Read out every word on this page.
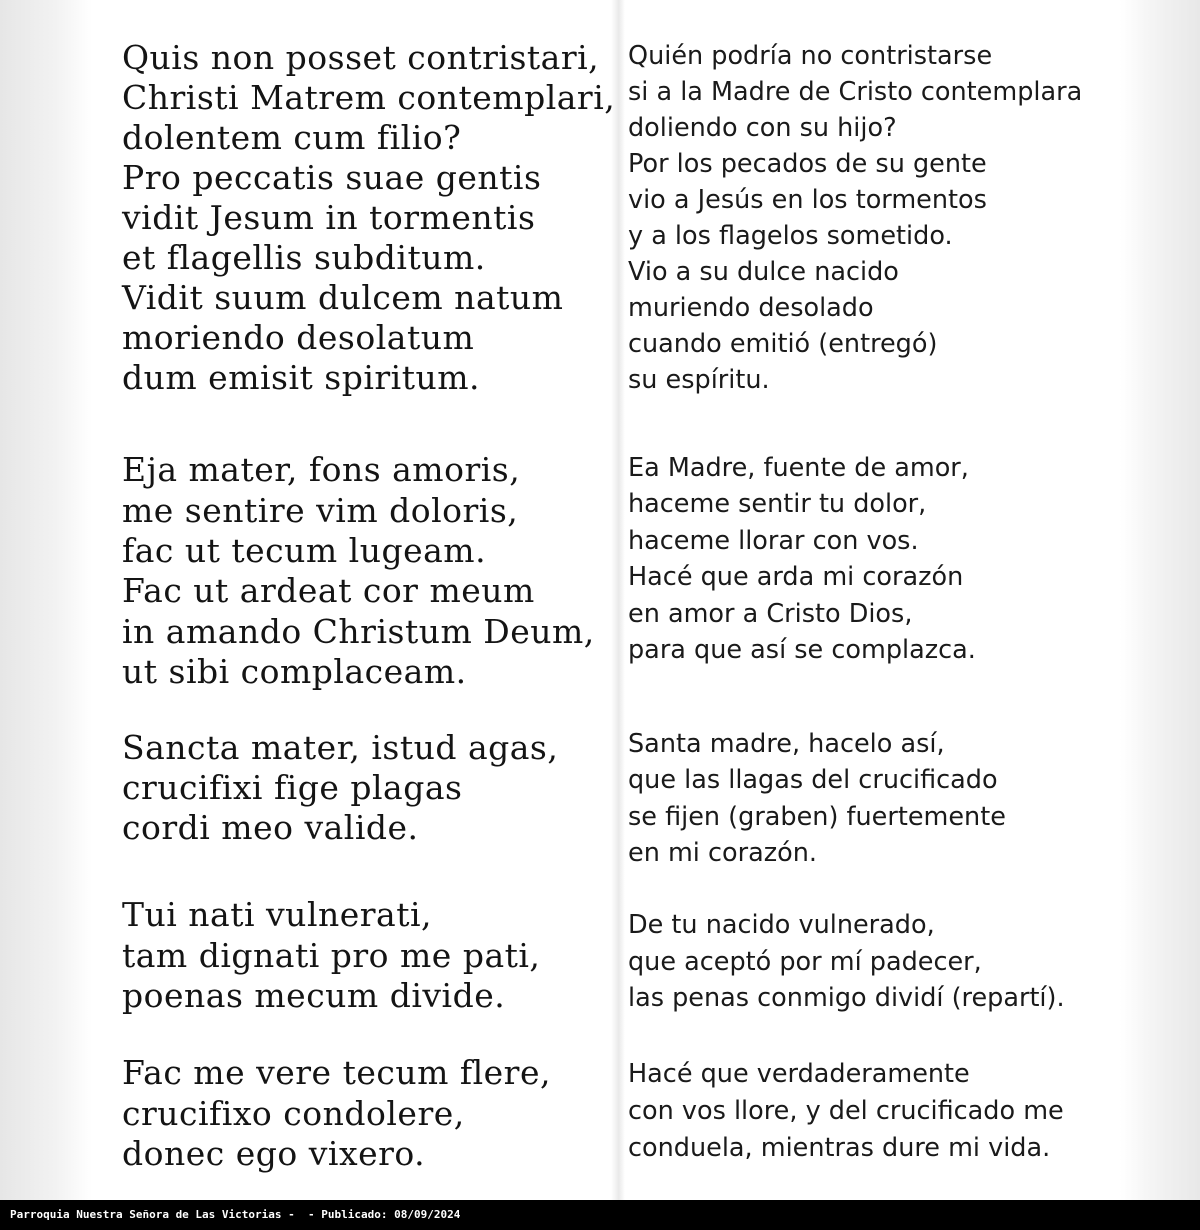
Quis non posset contristari,
Christi Matrem contemplari,
dolentem cum filio?
Pro peccatis suae gentis
vidit Jesum in tormentis
et flagellis subditum.
Vidit suum dulcem natum
moriendo desolatum
dum emisit spiritum.
Eja mater, fons amoris,
me sentire vim doloris,
fac ut tecum lugeam.
Fac ut ardeat cor meum
in amando Christum Deum,
ut sibi complaceam.
Sancta mater, istud agas,
crucifixi fige plagas
cordi meo valide.
Tui nati vulnerati,
tam dignati pro me pati,
poenas mecum divide.
Fac me vere tecum flere,
crucifixo condolere,
donec ego vixero.
Quién podría no contristarse
si a la Madre de Cristo contemplara
doliendo con su hijo?
Por los pecados de su gente
vio a Jesús en los tormentos
y a los flagelos sometido.
Vio a su dulce nacido
muriendo desolado
cuando emitió (entregó)
su espíritu.
Ea Madre, fuente de amor,
haceme sentir tu dolor,
haceme llorar con vos.
Hacé que arda mi corazón
en amor a Cristo Dios,
para que así se complazca.
Santa madre, hacelo así,
que las llagas del crucificado
se fijen (graben) fuertemente
en mi corazón.
De tu nacido vulnerado,
que aceptó por mí padecer,
las penas conmigo dividí (repartí).
Hacé que verdaderamente
con vos llore, y del crucificado me
conduela, mientras dure mi vida.
Parroquia Nuestra Señora de Las Victorias -  - Publicado: 08/09/2024
